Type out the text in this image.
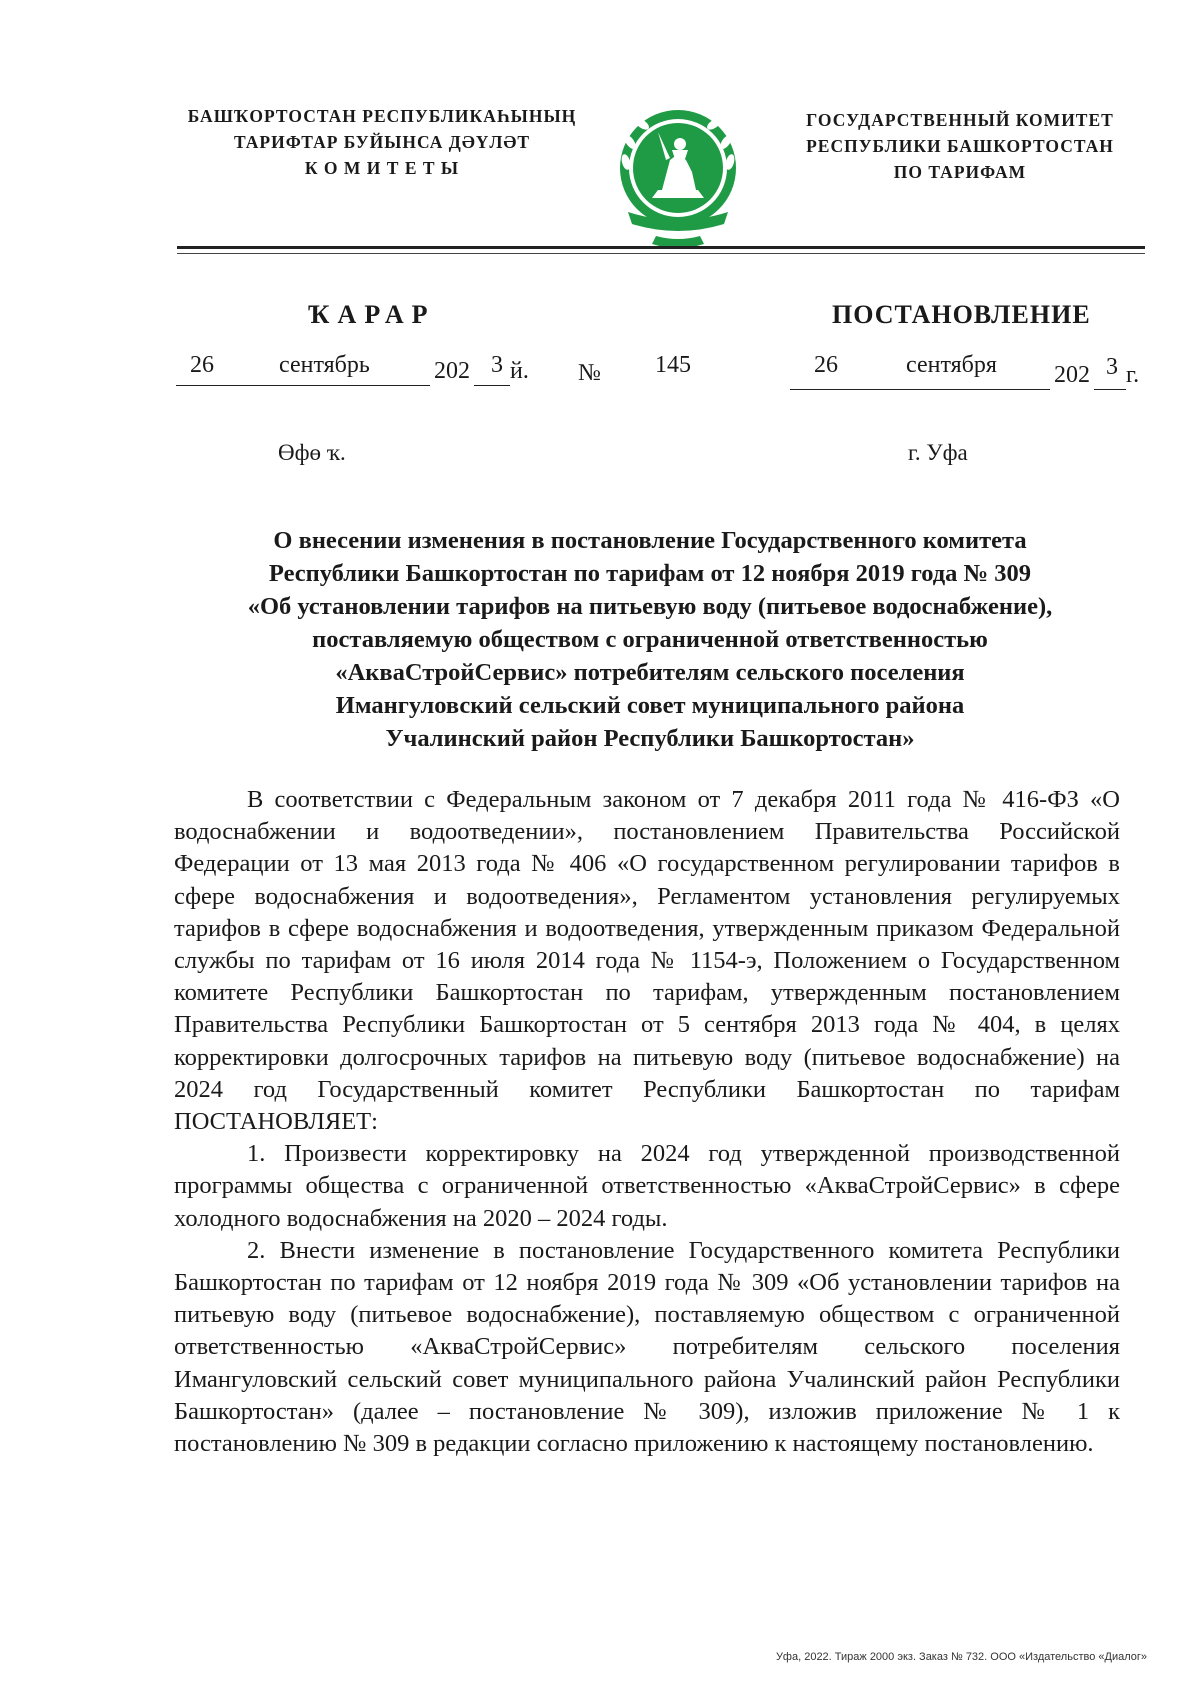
БАШҠОРТОСТАН РЕСПУБЛИКАҺЫНЫҢ
ТАРИФТАР БУЙЫНСА ДӘҮЛӘТ
К О М И Т Е Т Ы
ГОСУДАРСТВЕННЫЙ КОМИТЕТ
РЕСПУБЛИКИ БАШКОРТОСТАН
ПО ТАРИФАМ
ҠАРАР	ПОСТАНОВЛЕНИЕ
26	сентябрь	202 3 й. № 145	26	сентября 202 3 г.
Өфө ҡ.	г. Уфа
О внесении изменения в постановление Государственного комитета
Республики Башкортостан по тарифам от 12 ноября 2019 года № 309
«Об установлении тарифов на питьевую воду (питьевое водоснабжение),
поставляемую обществом с ограниченной ответственностью
«АкваСтройСервис» потребителям сельского поселения
Имангуловский сельский совет муниципального района
Учалинский район Республики Башкортостан»

В соответствии с Федеральным законом от 7 декабря 2011 года № 416-ФЗ «О водоснабжении и водоотведении», постановлением Правительства Российской Федерации от 13 мая 2013 года № 406 «О государственном регулировании тарифов в сфере водоснабжения и водоотведения», Регламентом установления регулируемых тарифов в сфере водоснабжения и водоотведения, утвержденным приказом Федеральной службы по тарифам от 16 июля 2014 года № 1154-э, Положением о Государственном комитете Республики Башкортостан по тарифам, утвержденным постановлением Правительства Республики Башкортостан от 5 сентября 2013 года № 404, в целях корректировки долгосрочных тарифов на питьевую воду (питьевое водоснабжение) на 2024 год Государственный комитет Республики Башкортостан по тарифам ПОСТАНОВЛЯЕТ:

1. Произвести корректировку на 2024 год утвержденной производственной программы общества с ограниченной ответственностью «АкваСтройСервис» в сфере холодного водоснабжения на 2020 – 2024 годы.

2. Внести изменение в постановление Государственного комитета Республики Башкортостан по тарифам от 12 ноября 2019 года № 309 «Об установлении тарифов на питьевую воду (питьевое водоснабжение), поставляемую обществом с ограниченной ответственностью «АкваСтройСервис» потребителям сельского поселения Имангуловский сельский совет муниципального района Учалинский район Республики Башкортостан» (далее – постановление № 309), изложив приложение № 1 к постановлению № 309 в редакции согласно приложению к настоящему постановлению.

Уфа, 2022. Тираж 2000 экз. Заказ № 732. ООО «Издательство «Диалог»
